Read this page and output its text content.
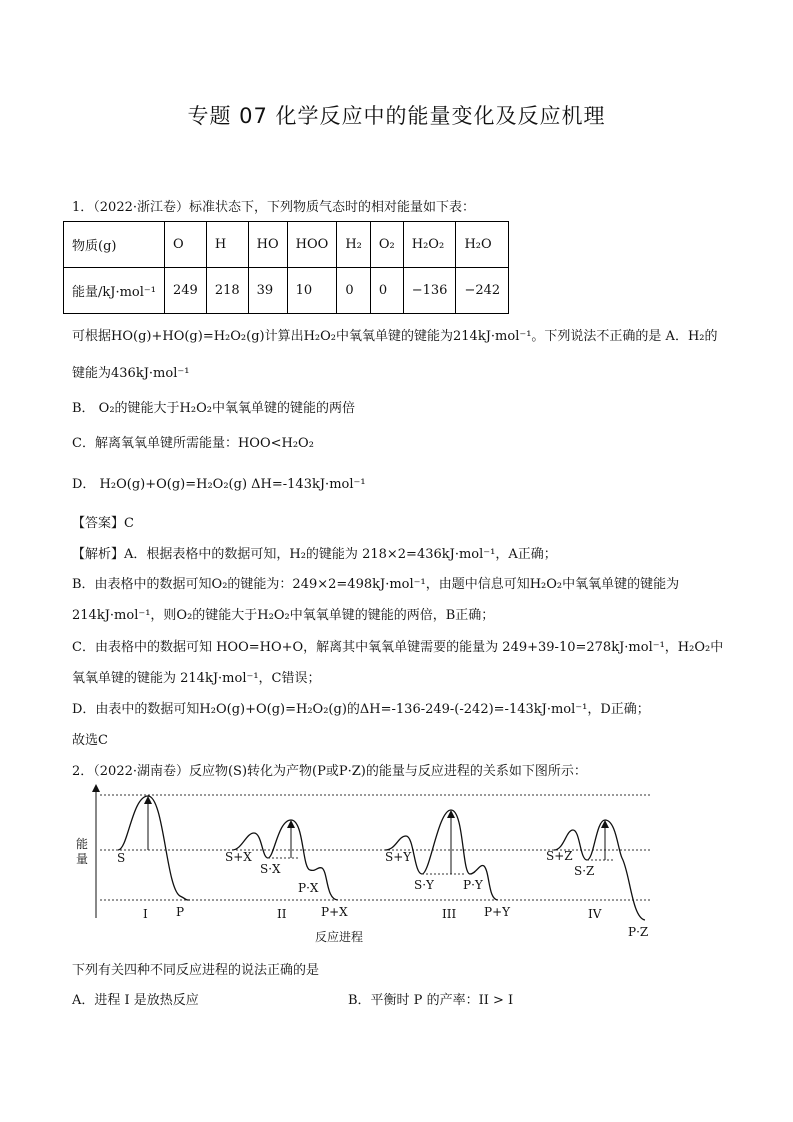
专题 07 化学反应中的能量变化及反应机理
1．（2022·浙江卷）标准状态下，下列物质气态时的相对能量如下表：
物质(g)	O	H	HO	HOO	H₂	O₂	H₂O₂	H₂O
能量/kJ·mol⁻¹	249	218	39	10	0	0	−136	−242
可根据HO(g)+HO(g)=H₂O₂(g)计算出H₂O₂中氧氧单键的键能为214kJ·mol⁻¹。下列说法不正确的是 A．H₂的
键能为436kJ·mol⁻¹
B． O₂的键能大于H₂O₂中氧氧单键的键能的两倍
C．解离氧氧单键所需能量：HOO<H₂O₂
D． H₂O(g)+O(g)=H₂O₂(g) ΔH=-143kJ·mol⁻¹
【答案】C
【解析】A．根据表格中的数据可知，H₂的键能为 218×2=436kJ·mol⁻¹，A正确；
B．由表格中的数据可知O₂的键能为：249×2=498kJ·mol⁻¹，由题中信息可知H₂O₂中氧氧单键的键能为
214kJ·mol⁻¹，则O₂的键能大于H₂O₂中氧氧单键的键能的两倍，B正确；
C．由表格中的数据可知 HOO=HO+O，解离其中氧氧单键需要的能量为 249+39-10=278kJ·mol⁻¹，H₂O₂中
氧氧单键的键能为 214kJ·mol⁻¹，C错误；
D．由表中的数据可知H₂O(g)+O(g)=H₂O₂(g)的ΔH=-136-249-(-242)=-143kJ·mol⁻¹，D正确；
故选C
2．（2022·湖南卷）反应物(S)转化为产物(P或P·Z)的能量与反应进程的关系如下图所示：
能 量
反应进程
S
I P
S+X
S·X
II
P·X
P+X
S+Y
S·Y
III
P·Y
P+Y
S+Z
S·Z
IV
P·Z
下列有关四种不同反应进程的说法正确的是
A．进程 I 是放热反应	B．平衡时 P 的产率：II > I
